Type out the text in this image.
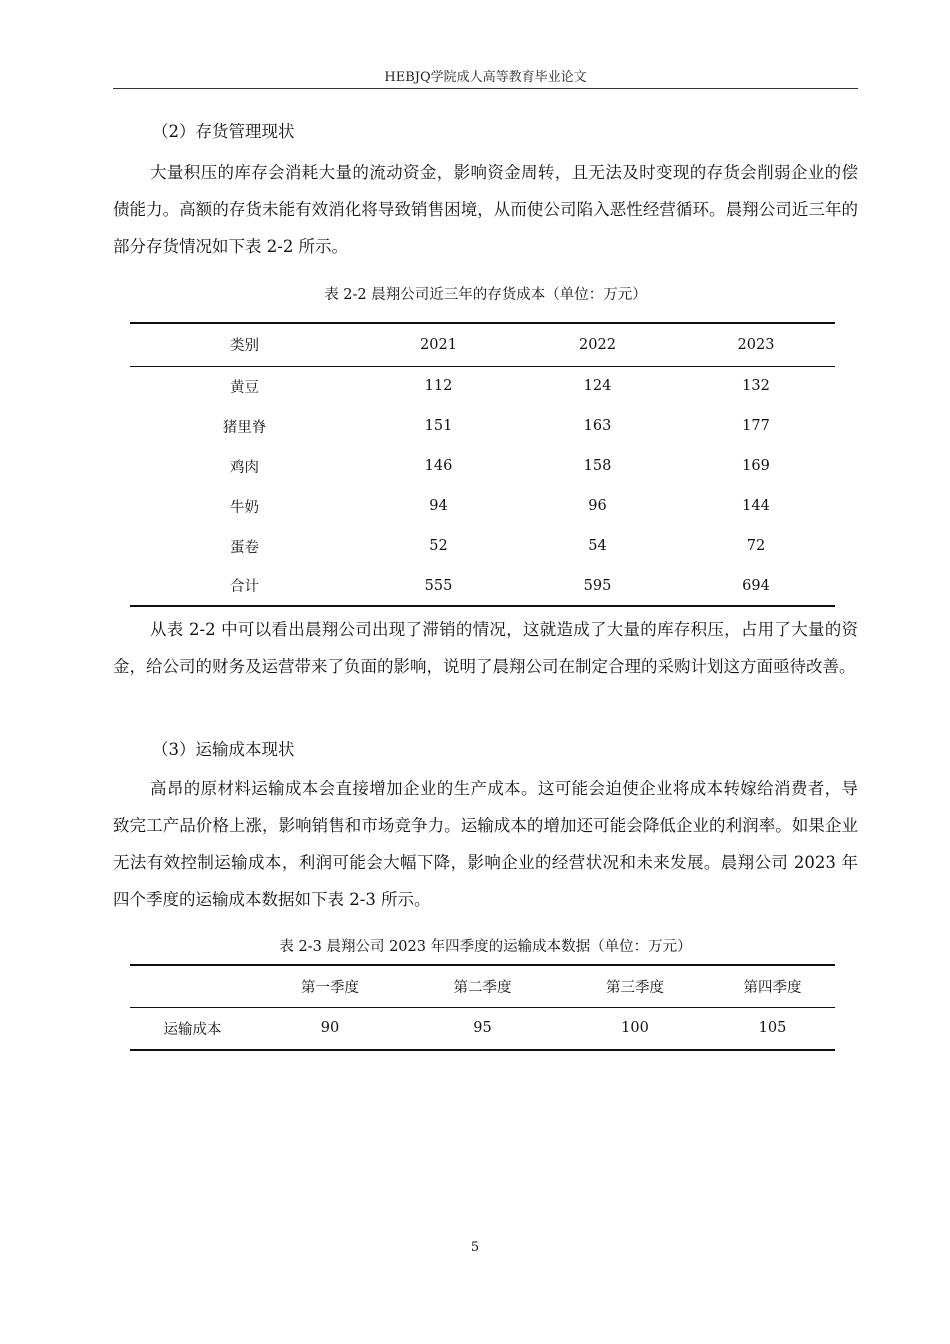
HEBJQ学院成人高等教育毕业论文
（2）存货管理现状
大量积压的库存会消耗大量的流动资金，影响资金周转，且无法及时变现的存货会削弱企业的偿债能力。高额的存货未能有效消化将导致销售困境，从而使公司陷入恶性经营循环。晨翔公司近三年的部分存货情况如下表 2-2 所示。
表 2-2 晨翔公司近三年的存货成本（单位：万元）
类别	2021	2022	2023
黄豆	112	124	132
猪里脊	151	163	177
鸡肉	146	158	169
牛奶	94	96	144
蛋卷	52	54	72
合计	555	595	694
从表 2-2 中可以看出晨翔公司出现了滞销的情况，这就造成了大量的库存积压，占用了大量的资金，给公司的财务及运营带来了负面的影响，说明了晨翔公司在制定合理的采购计划这方面亟待改善。
（3）运输成本现状
高昂的原材料运输成本会直接增加企业的生产成本。这可能会迫使企业将成本转嫁给消费者，导致完工产品价格上涨，影响销售和市场竞争力。运输成本的增加还可能会降低企业的利润率。如果企业无法有效控制运输成本，利润可能会大幅下降，影响企业的经营状况和未来发展。晨翔公司 2023 年四个季度的运输成本数据如下表 2-3 所示。
表 2-3 晨翔公司 2023 年四季度的运输成本数据（单位：万元）
	第一季度	第二季度	第三季度	第四季度
运输成本	90	95	100	105
5
